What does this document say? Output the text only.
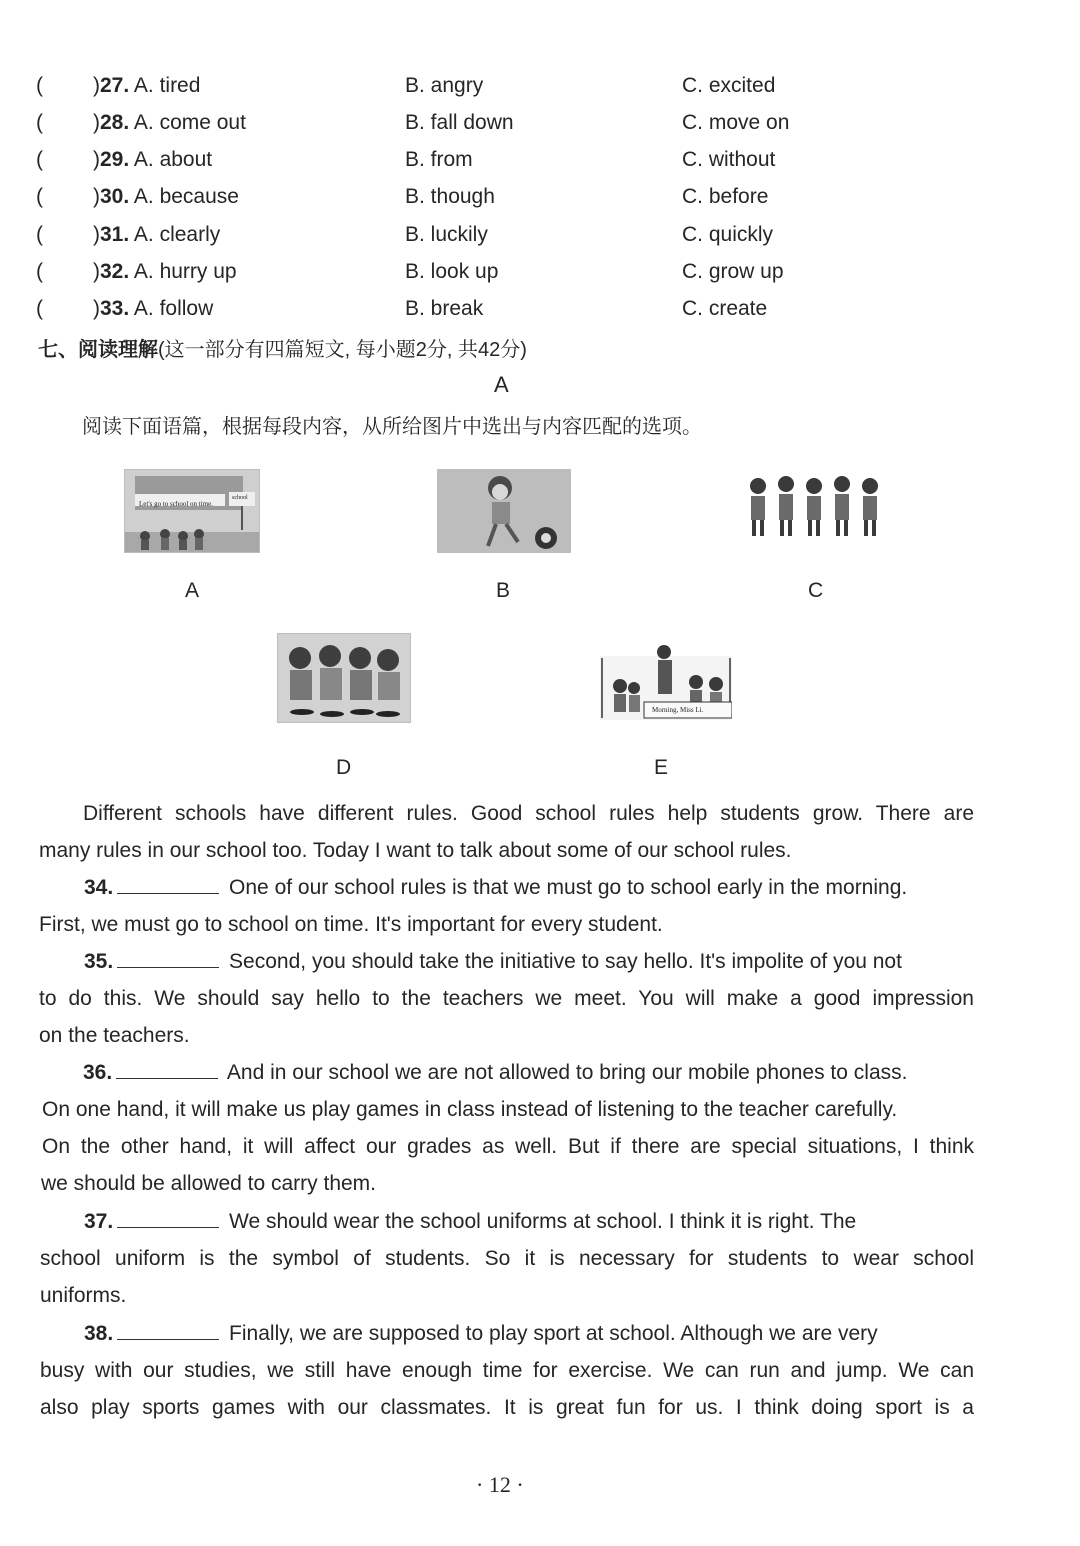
( )27. A. tired	B. angry	C. excited
( )28. A. come out	B. fall down	C. move on
( )29. A. about	B. from	C. without
( )30. A. because	B. though	C. before
( )31. A. clearly	B. luckily	C. quickly
( )32. A. hurry up	B. look up	C. grow up
( )33. A. follow	B. break	C. create
七、阅读理解(这一部分有四篇短文, 每小题2分, 共42分)
A
阅读下面语篇，根据每段内容，从所给图片中选出与内容匹配的选项。
Let's go to school on time.
school
A	B	C
D
Morning, Miss Li.
E
Different schools have different rules. Good school rules help students grow. There are
many rules in our school too. Today I want to talk about some of our school rules.
34.	One of our school rules is that we must go to school early in the morning.
First, we must go to school on time. It's important for every student.
35.	Second, you should take the initiative to say hello. It's impolite of you not
to do this. We should say hello to the teachers we meet. You will make a good impression
on the teachers.
36.	And in our school we are not allowed to bring our mobile phones to class.
On one hand, it will make us play games in class instead of listening to the teacher carefully.
On the other hand, it will affect our grades as well. But if there are special situations, I think
we should be allowed to carry them.
37.	We should wear the school uniforms at school. I think it is right. The
school uniform is the symbol of students. So it is necessary for students to wear school
uniforms.
38.	Finally, we are supposed to play sport at school. Although we are very
busy with our studies, we still have enough time for exercise. We can run and jump. We can
also play sports games with our classmates. It is great fun for us. I think doing sport is a
· 12 ·
